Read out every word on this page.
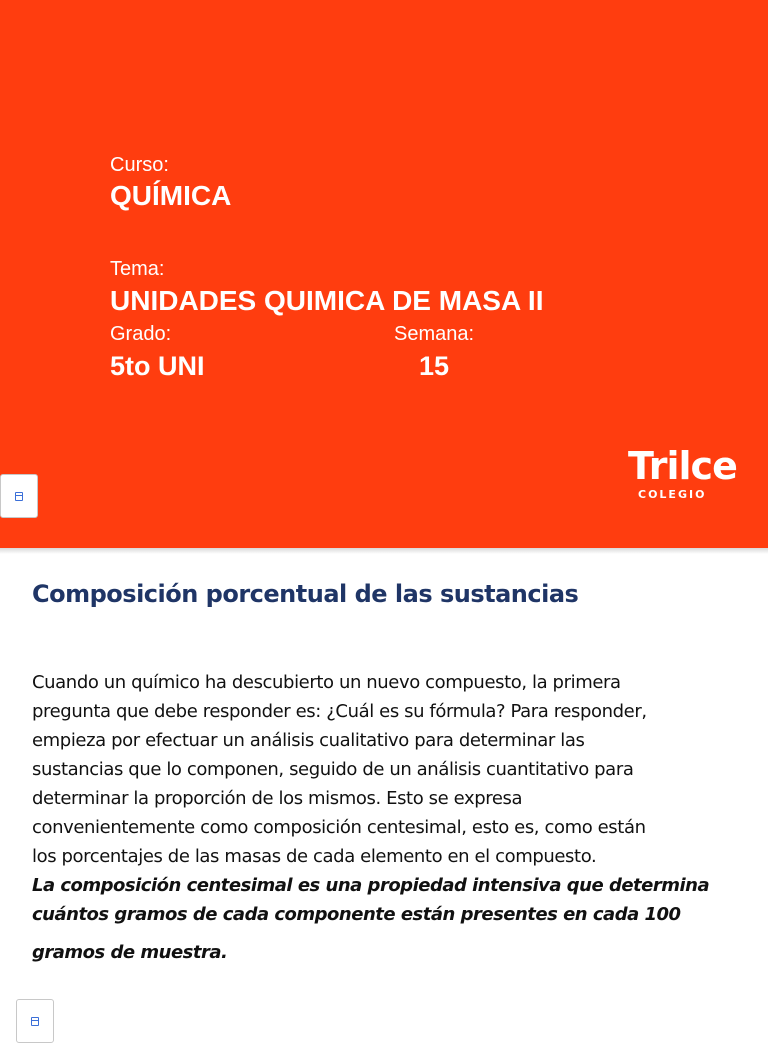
Curso:
QUÍMICA
Tema:
UNIDADES QUIMICA DE MASA II
Grado:
5to UNI
Semana:
15
Trilce
COLEGIO
Composición porcentual de las sustancias
Cuando un químico ha descubierto un nuevo compuesto, la primera
pregunta que debe responder es: ¿Cuál es su fórmula? Para responder,
empieza por efectuar un análisis cualitativo para determinar las
sustancias que lo componen, seguido de un análisis cuantitativo para
determinar la proporción de los mismos. Esto se expresa
convenientemente como composición centesimal, esto es, como están
los porcentajes de las masas de cada elemento en el compuesto.
La composición centesimal es una propiedad intensiva que determina
cuántos gramos de cada componente están presentes en cada 100
gramos de muestra.
